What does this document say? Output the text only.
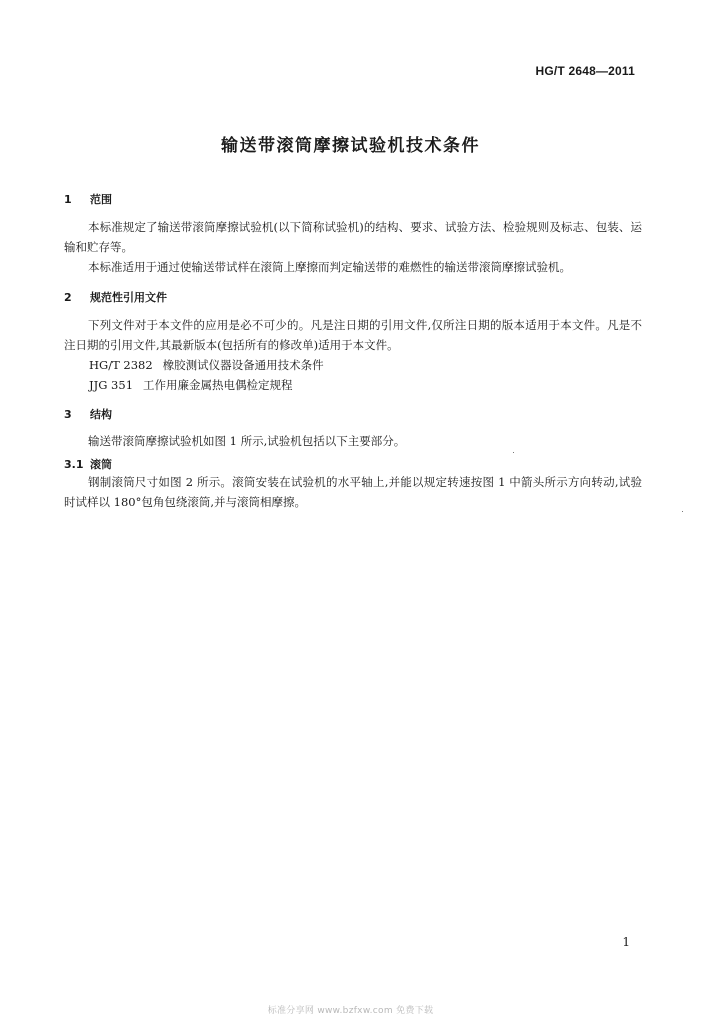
HG/T 2648—2011
输送带滚筒摩擦试验机技术条件
1 范围

本标准规定了输送带滚筒摩擦试验机(以下简称试验机)的结构、要求、试验方法、检验规则及标志、包装、运输和贮存等。

本标准适用于通过使输送带试样在滚筒上摩擦而判定输送带的难燃性的输送带滚筒摩擦试验机。

2 规范性引用文件

下列文件对于本文件的应用是必不可少的。凡是注日期的引用文件,仅所注日期的版本适用于本文件。凡是不注日期的引用文件,其最新版本(包括所有的修改单)适用于本文件。

HG/T 2382 橡胶测试仪器设备通用技术条件
JJG 351 工作用廉金属热电偶检定规程
3 结构

输送带滚筒摩擦试验机如图 1 所示,试验机包括以下主要部分。

3.1 滚筒

钢制滚筒尺寸如图 2 所示。滚筒安装在试验机的水平轴上,并能以规定转速按图 1 中箭头所示方向转动,试验时试样以 180°包角包绕滚筒,并与滚筒相摩擦。

1
标准分享网 www.bzfxw.com 免费下载
